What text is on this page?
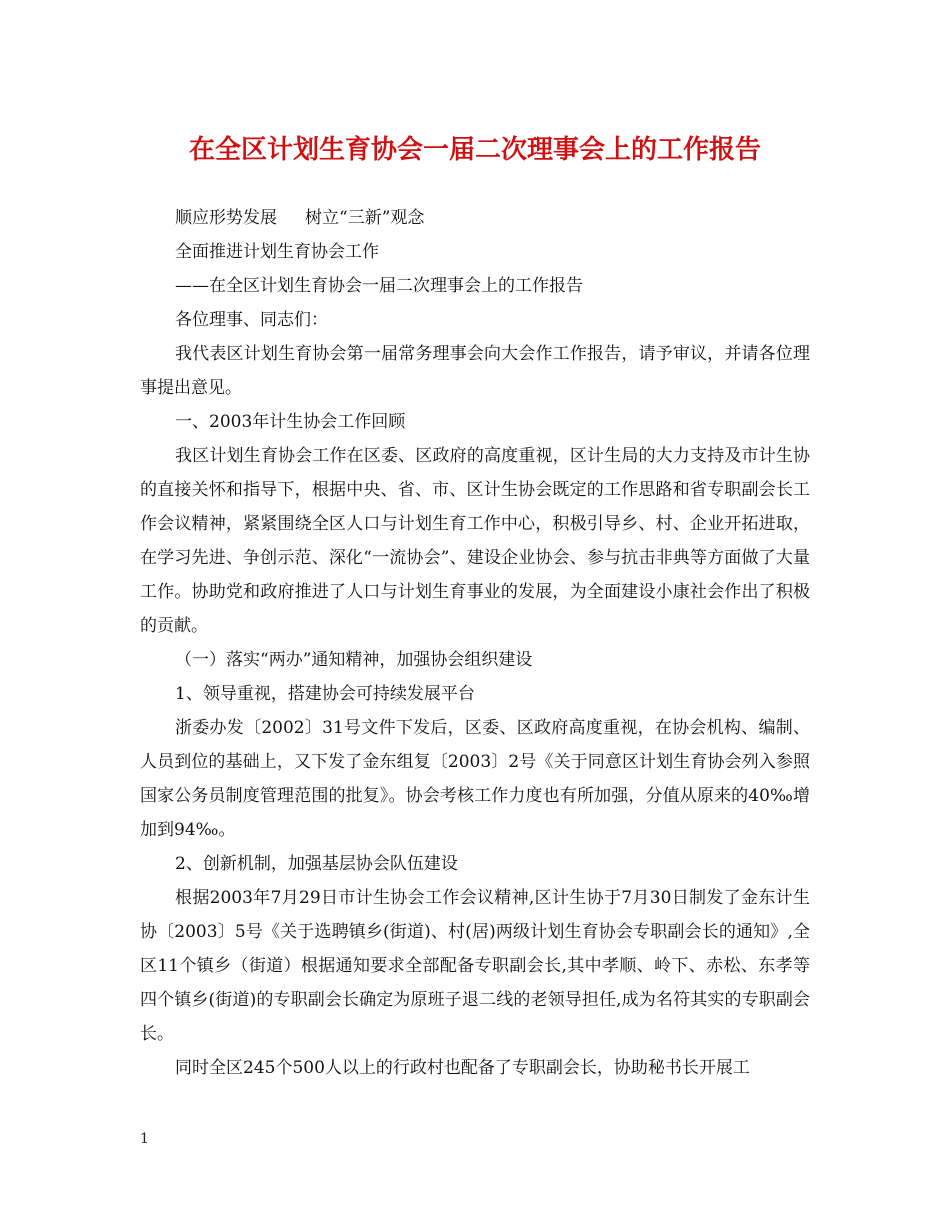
在全区计划生育协会一届二次理事会上的工作报告

顺应形势发展 树立“三新”观念

全面推进计划生育协会工作

——在全区计划生育协会一届二次理事会上的工作报告

各位理事、同志们：

我代表区计划生育协会第一届常务理事会向大会作工作报告，请予审议，并请各位理事提出意见。

一、2003年计生协会工作回顾

我区计划生育协会工作在区委、区政府的高度重视，区计生局的大力支持及市计生协的直接关怀和指导下，根据中央、省、市、区计生协会既定的工作思路和省专职副会长工作会议精神，紧紧围绕全区人口与计划生育工作中心，积极引导乡、村、企业开拓进取，在学习先进、争创示范、深化“一流协会”、建设企业协会、参与抗击非典等方面做了大量工作。协助党和政府推进了人口与计划生育事业的发展，为全面建设小康社会作出了积极的贡献。

（一）落实“两办”通知精神，加强协会组织建设

1、领导重视，搭建协会可持续发展平台

浙委办发〔2002〕31号文件下发后，区委、区政府高度重视，在协会机构、编制、人员到位的基础上，又下发了金东组复〔2003〕2号《关于同意区计划生育协会列入参照国家公务员制度管理范围的批复》。协会考核工作力度也有所加强，分值从原来的40‰增加到94‰。

2、创新机制，加强基层协会队伍建设

根据2003年7月29日市计生协会工作会议精神,区计生协于7月30日制发了金东计生协〔2003〕5号《关于选聘镇乡(街道)、村(居)两级计划生育协会专职副会长的通知》,全区11个镇乡（街道）根据通知要求全部配备专职副会长,其中孝顺、岭下、赤松、东孝等四个镇乡(街道)的专职副会长确定为原班子退二线的老领导担任,成为名符其实的专职副会长。

同时全区245个500人以上的行政村也配备了专职副会长，协助秘书长开展工

1
